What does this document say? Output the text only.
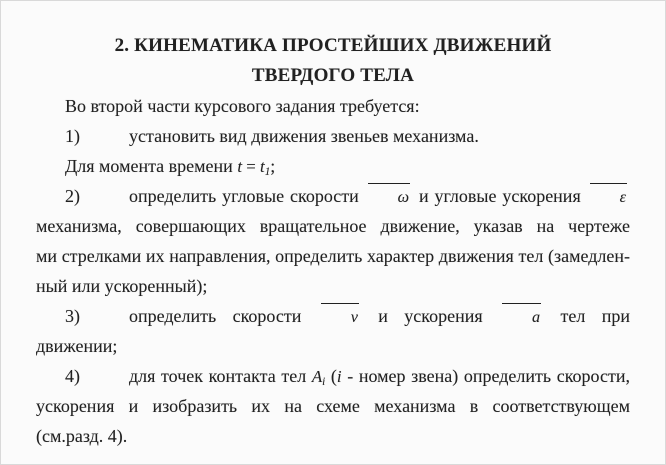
2. КИНЕМАТИКА ПРОСТЕЙШИХ ДВИЖЕНИЙ
ТВЕРДОГО ТЕЛА
Во второй части курсового задания требуется:
1)	установить вид движения звеньев механизма.
Для момента времени t = t1;
2)	определить угловые скорости ω и угловые ускорения ε
механизма, совершающих вращательное движение, указав на чертеже
ми стрелками их направления, определить характер движения тел (замедлен-
ный или ускоренный);
3)	определить скорости v и ускорения a тел при
движении;
4)	для точек контакта тел Ai (i - номер звена) определить скорости,
ускорения и изобразить их на схеме механизма в соответствующем
(см.разд. 4).
